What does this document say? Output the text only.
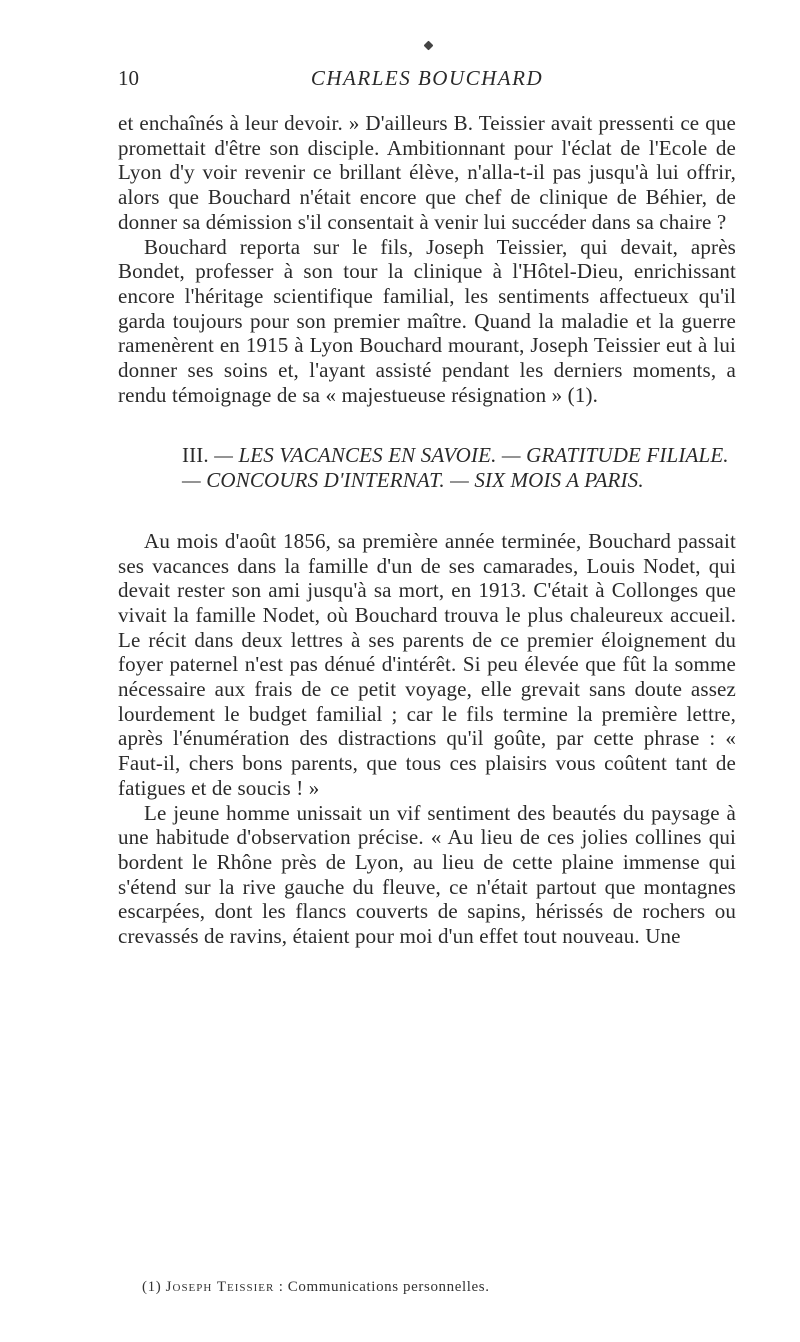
10	CHARLES BOUCHARD

et enchaînés à leur devoir. » D'ailleurs B. Teissier avait pressenti ce que promettait d'être son disciple. Ambitionnant pour l'éclat de l'Ecole de Lyon d'y voir revenir ce brillant élève, n'alla-t-il pas jusqu'à lui offrir, alors que Bouchard n'était encore que chef de clinique de Béhier, de donner sa démission s'il consentait à venir lui succéder dans sa chaire ?

Bouchard reporta sur le fils, Joseph Teissier, qui devait, après Bondet, professer à son tour la clinique à l'Hôtel-Dieu, enrichissant encore l'héritage scientifique familial, les sentiments affectueux qu'il garda toujours pour son premier maître. Quand la maladie et la guerre ramenèrent en 1915 à Lyon Bouchard mourant, Joseph Teissier eut à lui donner ses soins et, l'ayant assisté pendant les derniers moments, a rendu témoignage de sa « majestueuse résignation » (1).

III. — LES VACANCES EN SAVOIE. — GRATITUDE FILIALE. — CONCOURS D'INTERNAT. — SIX MOIS A PARIS.

Au mois d'août 1856, sa première année terminée, Bouchard passait ses vacances dans la famille d'un de ses camarades, Louis Nodet, qui devait rester son ami jusqu'à sa mort, en 1913. C'était à Collonges que vivait la famille Nodet, où Bouchard trouva le plus chaleureux accueil. Le récit dans deux lettres à ses parents de ce premier éloignement du foyer paternel n'est pas dénué d'intérêt. Si peu élevée que fût la somme nécessaire aux frais de ce petit voyage, elle grevait sans doute assez lourdement le budget familial ; car le fils termine la première lettre, après l'énumération des distractions qu'il goûte, par cette phrase : « Faut-il, chers bons parents, que tous ces plaisirs vous coûtent tant de fatigues et de soucis ! »

Le jeune homme unissait un vif sentiment des beautés du paysage à une habitude d'observation précise. « Au lieu de ces jolies collines qui bordent le Rhône près de Lyon, au lieu de cette plaine immense qui s'étend sur la rive gauche du fleuve, ce n'était partout que montagnes escarpées, dont les flancs couverts de sapins, hérissés de rochers ou crevassés de ravins, étaient pour moi d'un effet tout nouveau. Une

(1) Joseph Teissier : Communications personnelles.
